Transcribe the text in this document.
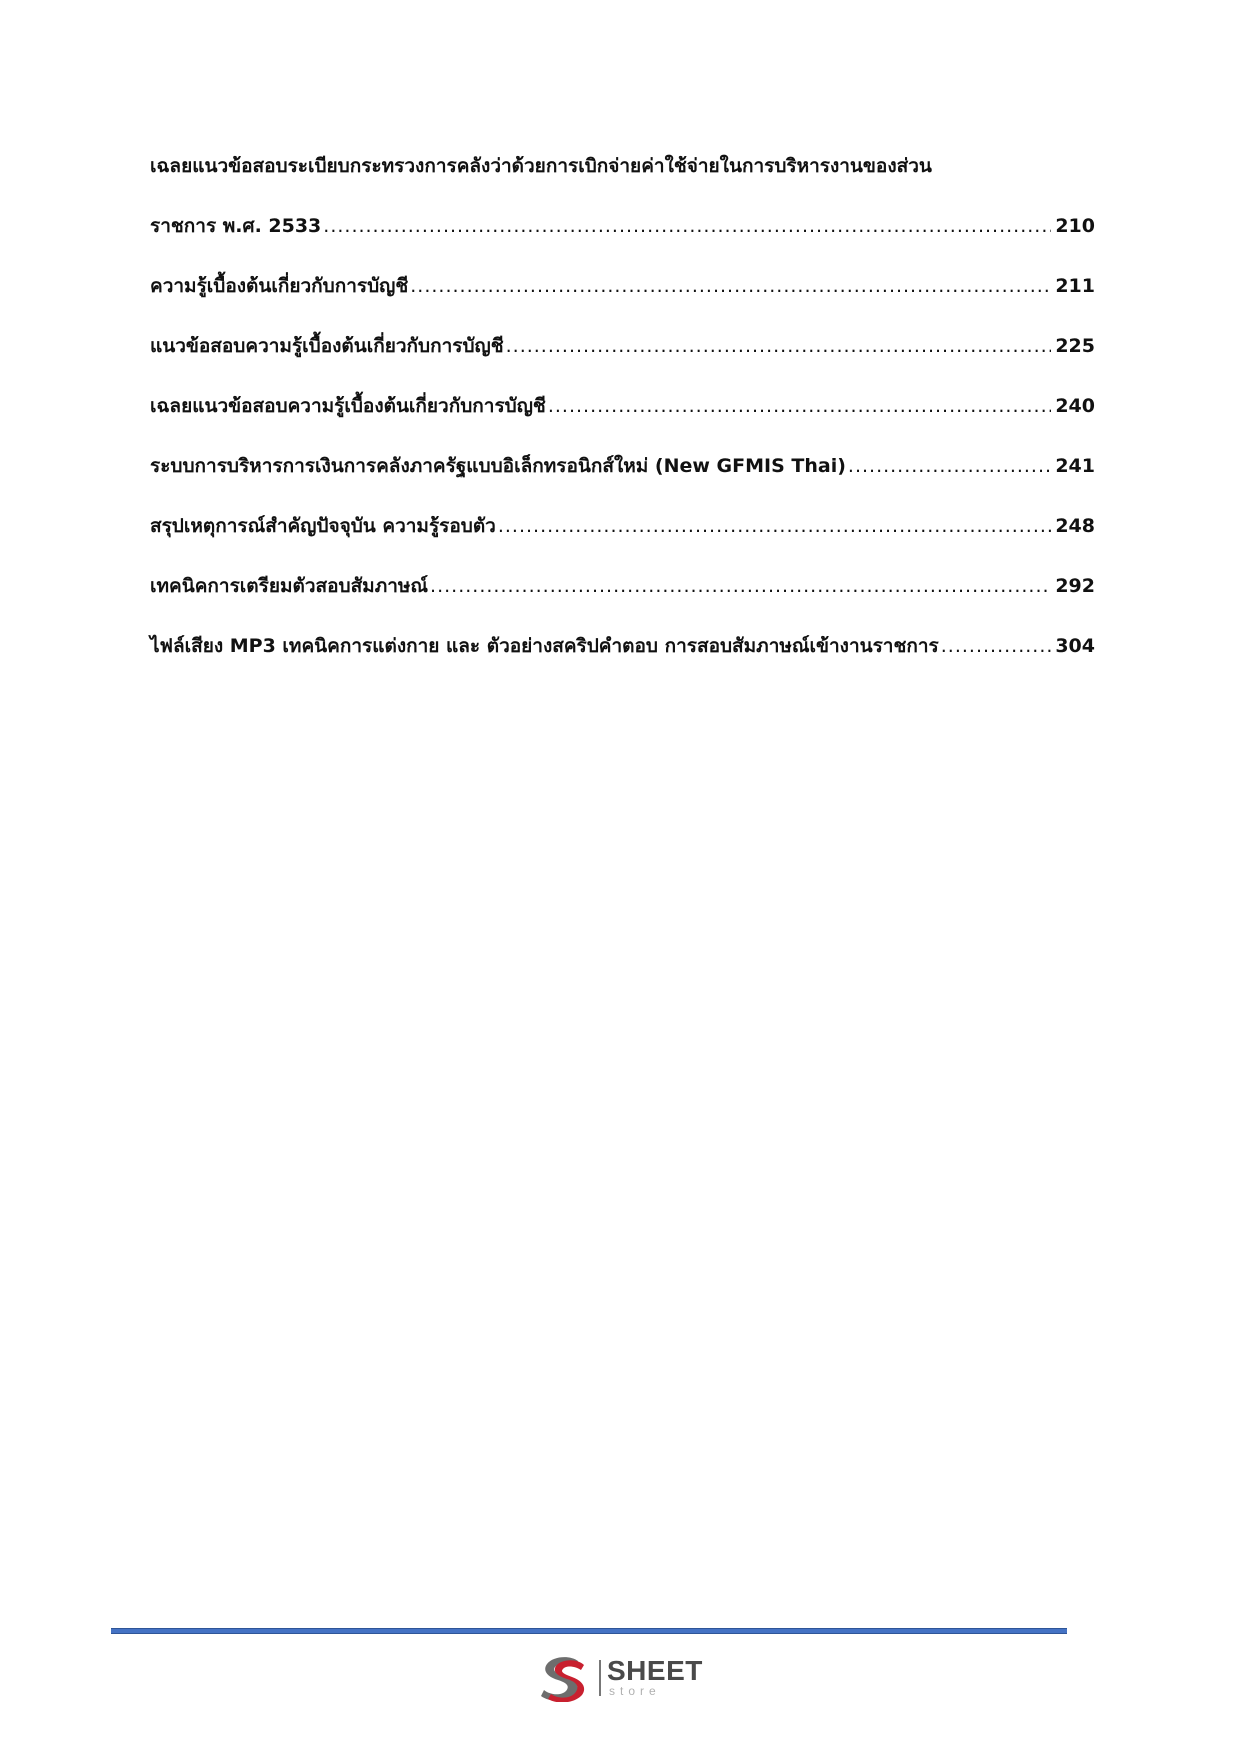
เฉลยแนวข้อสอบระเบียบกระทรวงการคลังว่าด้วยการเบิกจ่ายค่าใช้จ่ายในการบริหารงานของส่วน
ราชการ พ.ศ. 2533 .....	210
ความรู้เบื้องต้นเกี่ยวกับการบัญชี .....	211
แนวข้อสอบความรู้เบื้องต้นเกี่ยวกับการบัญชี .....	225
เฉลยแนวข้อสอบความรู้เบื้องต้นเกี่ยวกับการบัญชี .....	240
ระบบการบริหารการเงินการคลังภาครัฐแบบอิเล็กทรอนิกส์ใหม่ (New GFMIS Thai) .....	241
สรุปเหตุการณ์สำคัญปัจจุบัน ความรู้รอบตัว .....	248
เทคนิคการเตรียมตัวสอบสัมภาษณ์ .....	292
ไฟล์เสียง MP3 เทคนิคการแต่งกาย และ ตัวอย่างสคริปคำตอบ การสอบสัมภาษณ์เข้างานราชการ .....	304
SHEET
store
